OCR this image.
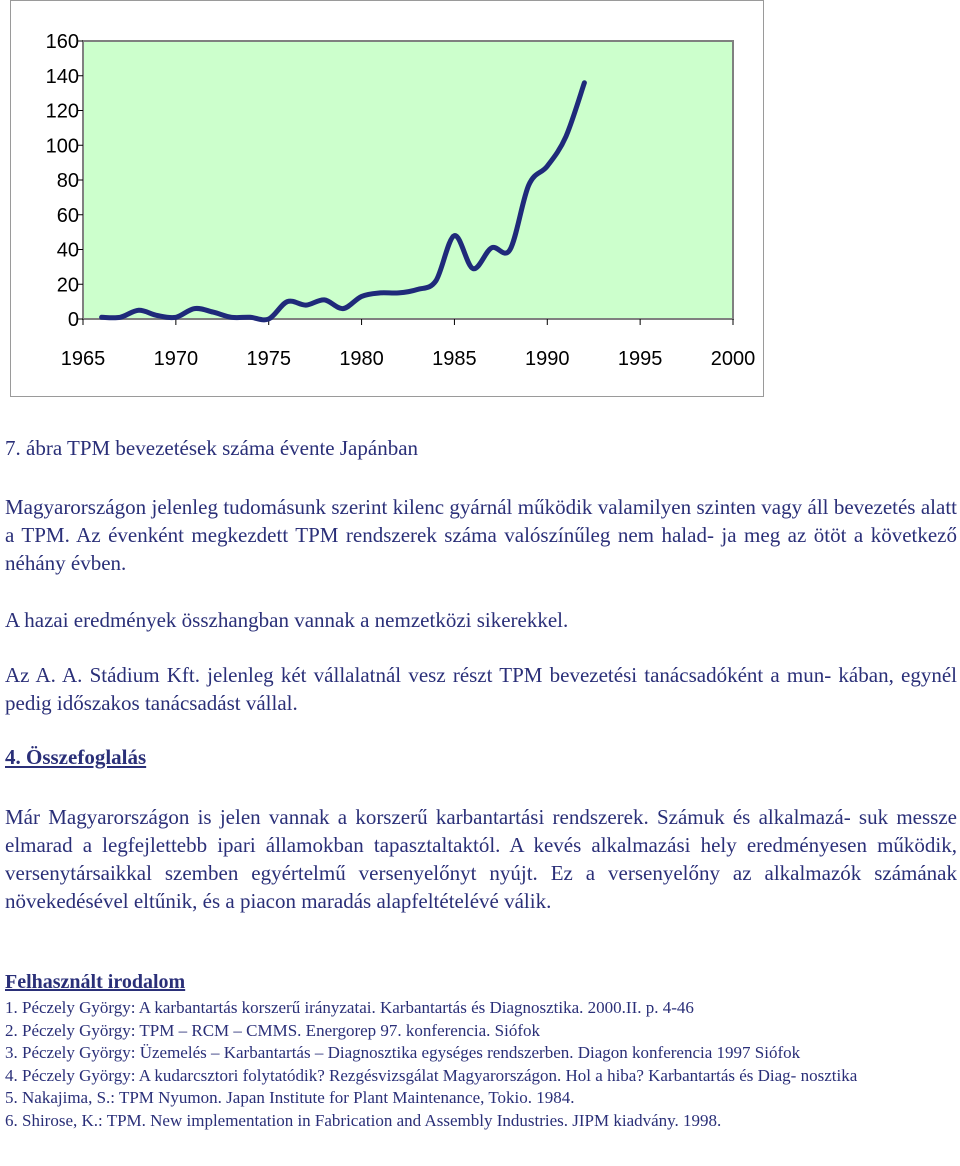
160
140
120
100
80
60
40
20
0
1965 1970 1975 1980 1985 1990 1995 2000
7. ábra TPM bevezetések száma évente Japánban

Magyarországon jelenleg tudomásunk szerint kilenc gyárnál működik valamilyen szinten vagy áll bevezetés alatt a TPM. Az évenként megkezdett TPM rendszerek száma valószínűleg nem halad- ja meg az ötöt a következő néhány évben.

A hazai eredmények összhangban vannak a nemzetközi sikerekkel.

Az A. A. Stádium Kft. jelenleg két vállalatnál vesz részt TPM bevezetési tanácsadóként a mun- kában, egynél pedig időszakos tanácsadást vállal.

4. Összefoglalás

Már Magyarországon is jelen vannak a korszerű karbantartási rendszerek. Számuk és alkalmazá- suk messze elmarad a legfejlettebb ipari államokban tapasztaltaktól. A kevés alkalmazási hely eredményesen működik, versenytársaikkal szemben egyértelmű versenyelőnyt nyújt. Ez a versenyelőny az alkalmazók számának növekedésével eltűnik, és a piacon maradás alapfeltételévé válik.

Felhasznált irodalom

1. Péczely György: A karbantartás korszerű irányzatai. Karbantartás és Diagnosztika. 2000.II. p. 4-46

2. Péczely György: TPM – RCM – CMMS. Energorep 97. konferencia. Siófok

3. Péczely György: Üzemelés – Karbantartás – Diagnosztika egységes rendszerben. Diagon konferencia 1997 Siófok

4. Péczely György: A kudarcsztori folytatódik? Rezgésvizsgálat Magyarországon. Hol a hiba? Karbantartás és Diag- nosztika

5. Nakajima, S.: TPM Nyumon. Japan Institute for Plant Maintenance, Tokio. 1984.

6. Shirose, K.: TPM. New implementation in Fabrication and Assembly Industries. JIPM kiadvány. 1998.
